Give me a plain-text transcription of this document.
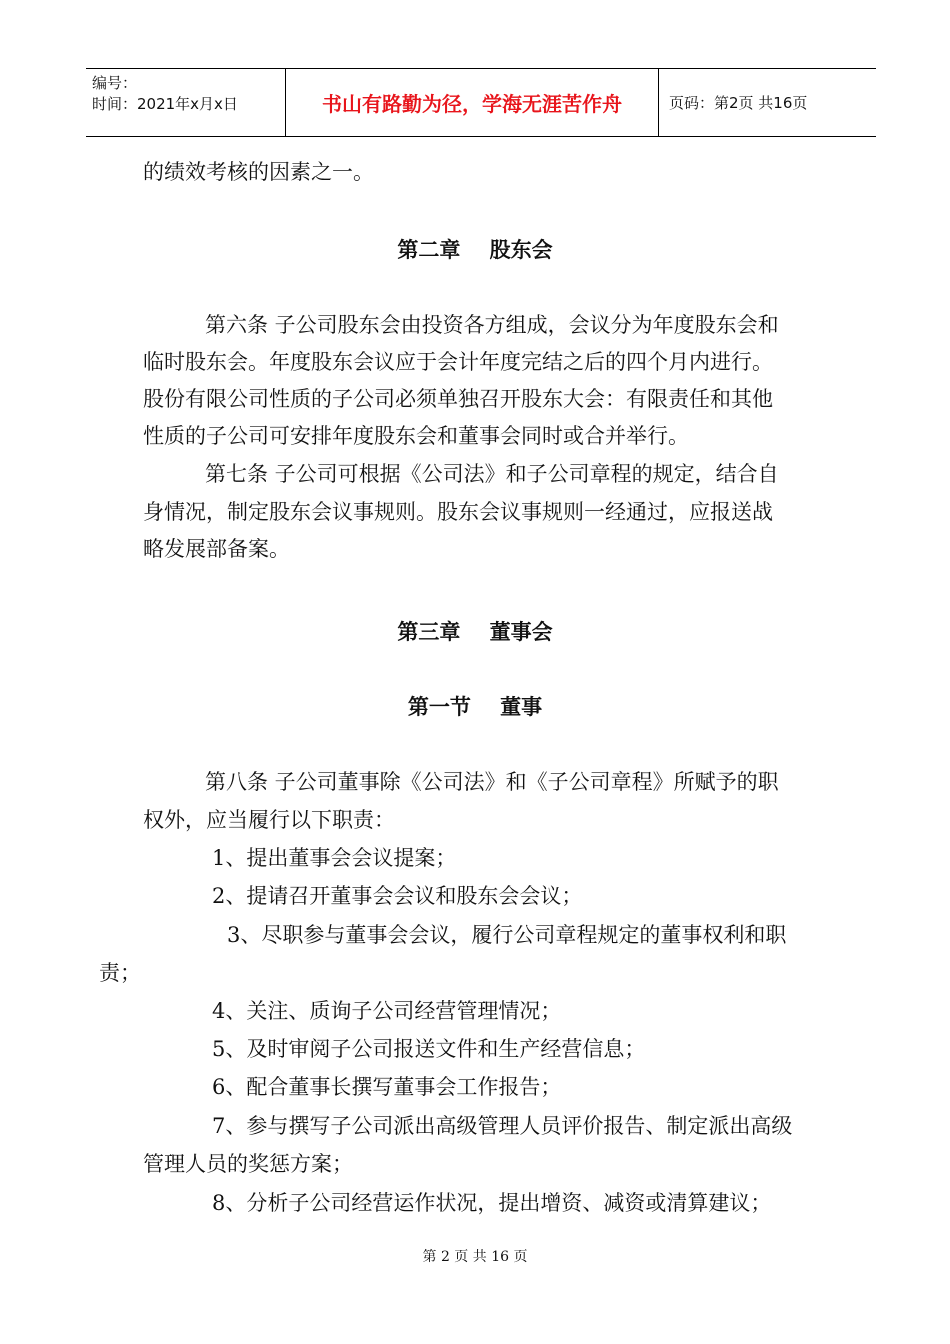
编号：
时间：2021年x月x日	书山有路勤为径，学海无涯苦作舟	页码：第2页 共16页
的绩效考核的因素之一。
第二章    股东会
第六条 子公司股东会由投资各方组成，会议分为年度股东会和
临时股东会。年度股东会议应于会计年度完结之后的四个月内进行。
股份有限公司性质的子公司必须单独召开股东大会：有限责任和其他
性质的子公司可安排年度股东会和董事会同时或合并举行。
第七条 子公司可根据《公司法》和子公司章程的规定，结合自
身情况，制定股东会议事规则。股东会议事规则一经通过，应报送战
略发展部备案。
第三章    董事会
第一节    董事
第八条 子公司董事除《公司法》和《子公司章程》所赋予的职
权外，应当履行以下职责：
1、提出董事会会议提案；
2、提请召开董事会会议和股东会会议；
3、尽职参与董事会会议，履行公司章程规定的董事权利和职
责；
4、关注、质询子公司经营管理情况；
5、及时审阅子公司报送文件和生产经营信息；
6、配合董事长撰写董事会工作报告；
7、参与撰写子公司派出高级管理人员评价报告、制定派出高级
管理人员的奖惩方案；
8、分析子公司经营运作状况，提出增资、减资或清算建议；
第 2 页 共 16 页
